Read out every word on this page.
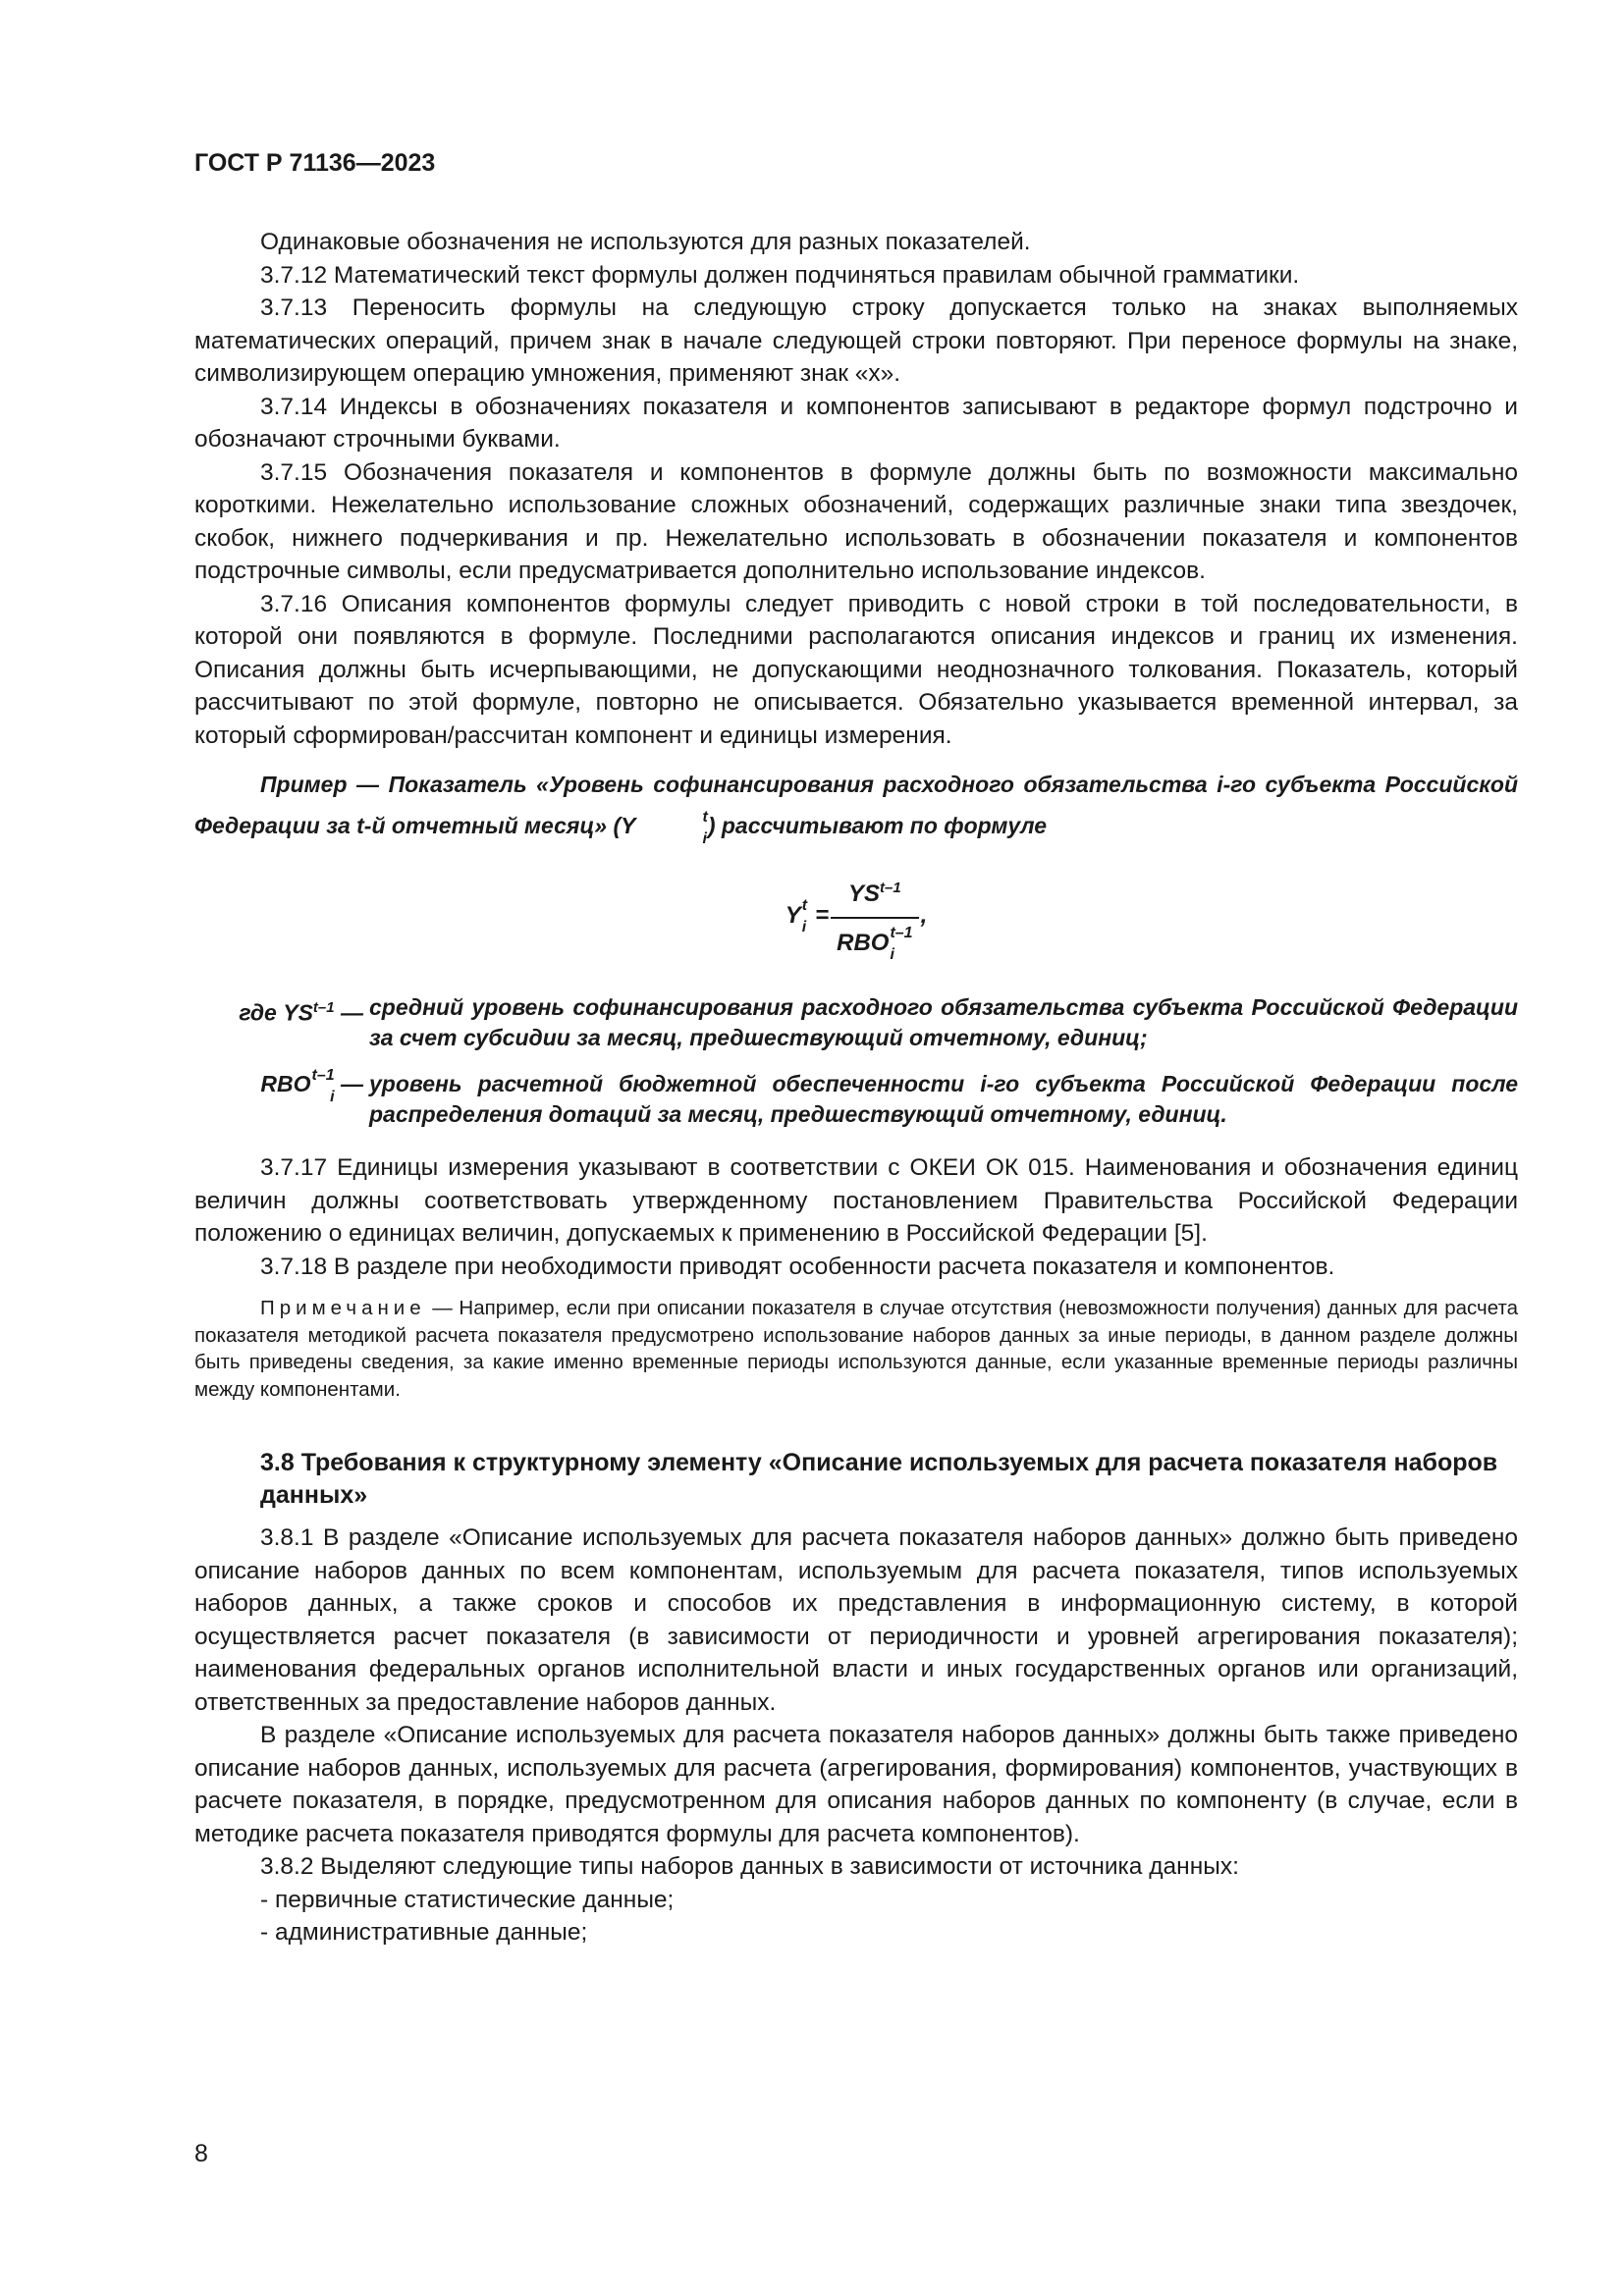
ГОСТ Р 71136—2023

Одинаковые обозначения не используются для разных показателей.

3.7.12 Математический текст формулы должен подчиняться правилам обычной грамматики.

3.7.13 Переносить формулы на следующую строку допускается только на знаках выполняемых математических операций, причем знак в начале следующей строки повторяют. При переносе формулы на знаке, символизирующем операцию умножения, применяют знак «х».

3.7.14 Индексы в обозначениях показателя и компонентов записывают в редакторе формул подстрочно и обозначают строчными буквами.

3.7.15 Обозначения показателя и компонентов в формуле должны быть по возможности максимально короткими. Нежелательно использование сложных обозначений, содержащих различные знаки типа звездочек, скобок, нижнего подчеркивания и пр. Нежелательно использовать в обозначении показателя и компонентов подстрочные символы, если предусматривается дополнительно использование индексов.

3.7.16 Описания компонентов формулы следует приводить с новой строки в той последовательности, в которой они появляются в формуле. Последними располагаются описания индексов и границ их изменения. Описания должны быть исчерпывающими, не допускающими неоднозначного толкования. Показатель, который рассчитывают по этой формуле, повторно не описывается. Обязательно указывается временной интервал, за который сформирован/рассчитан компонент и единицы измерения.

Пример — Показатель «Уровень софинансирования расходного обязательства i-го субъекта Российской Федерации за t-й отчетный месяц» (Y	t
i
) рассчитывают по формуле

Y t
$i = YS^{t-1}$
RBO t–1
i ,
где YS$^{t-1}$ — средний уровень софинансирования расходного обязательства субъекта Российской Федерации за счет субсидии за месяц, предшествующий отчетному, единиц;
RBO t–1
i
— уровень расчетной бюджетной обеспеченности i-го субъекта Российской Федерации после распределения дотаций за месяц, предшествующий отчетному, единиц.

3.7.17 Единицы измерения указывают в соответствии с ОКЕИ ОК 015. Наименования и обозначения единиц величин должны соответствовать утвержденному постановлением Правительства Российской Федерации положению о единицах величин, допускаемых к применению в Российской Федерации [5].

3.7.18 В разделе при необходимости приводят особенности расчета показателя и компонентов.

Примечание — Например, если при описании показателя в случае отсутствия (невозможности получения) данных для расчета показателя методикой расчета показателя предусмотрено использование наборов данных за иные периоды, в данном разделе должны быть приведены сведения, за какие именно временные периоды используются данные, если указанные временные периоды различны между компонентами.

3.8 Требования к структурному элементу «Описание используемых для расчета показателя наборов данных»

3.8.1 В разделе «Описание используемых для расчета показателя наборов данных» должно быть приведено описание наборов данных по всем компонентам, используемым для расчета показателя, типов используемых наборов данных, а также сроков и способов их представления в информационную систему, в которой осуществляется расчет показателя (в зависимости от периодичности и уровней агрегирования показателя); наименования федеральных органов исполнительной власти и иных государственных органов или организаций, ответственных за предоставление наборов данных.

В разделе «Описание используемых для расчета показателя наборов данных» должны быть также приведено описание наборов данных, используемых для расчета (агрегирования, формирования) компонентов, участвующих в расчете показателя, в порядке, предусмотренном для описания наборов данных по компоненту (в случае, если в методике расчета показателя приводятся формулы для расчета компонентов).

3.8.2 Выделяют следующие типы наборов данных в зависимости от источника данных:

- первичные статистические данные;

- административные данные;

8
